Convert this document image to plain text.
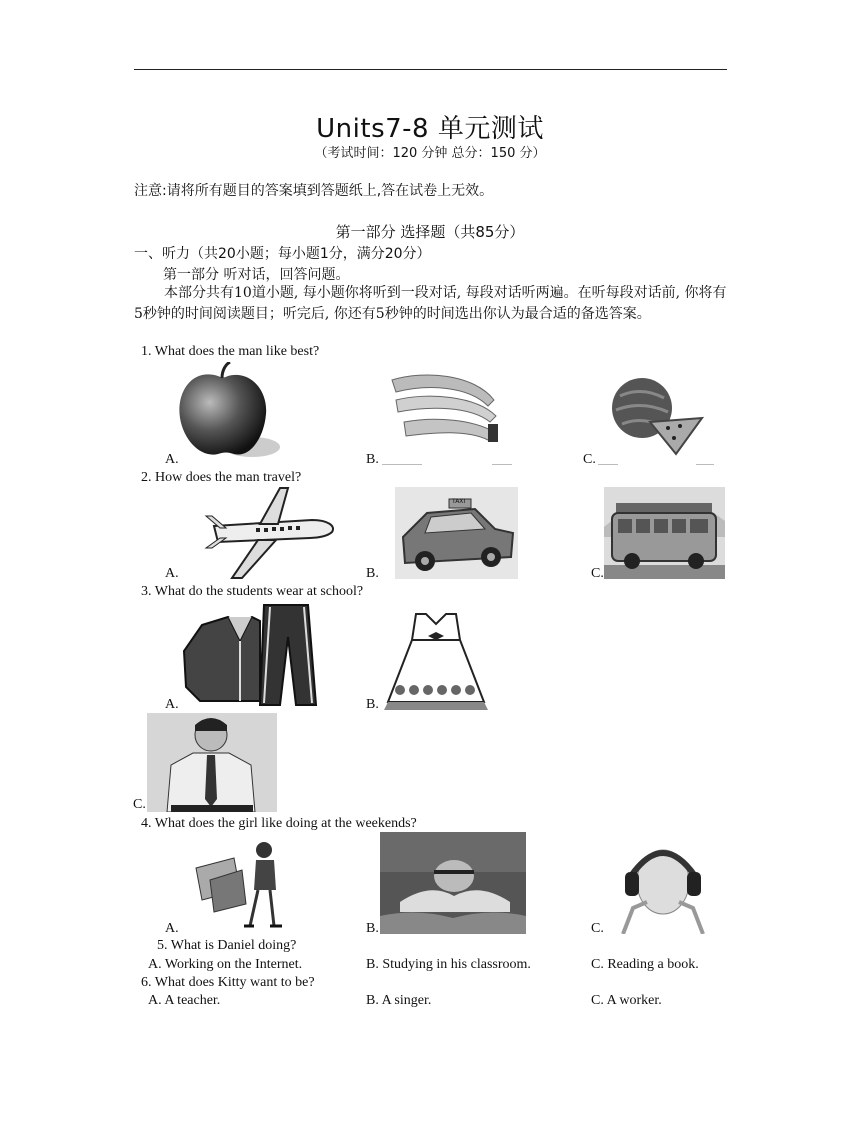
Units7-8 单元测试
（考试时间：120 分钟 总分：150 分）
注意:请将所有题目的答案填到答题纸上,答在试卷上无效。
第一部分 选择题（共85分）
一、听力（共20小题；每小题1分，满分20分）
第一部分 听对话，回答问题。
本部分共有10道小题, 每小题你将听到一段对话, 每段对话听两遍。在听每段对话前, 你将有5秒钟的时间阅读题目；听完后, 你还有5秒钟的时间选出你认为最合适的备选答案。
1. What does the man like best?
A.	B.	C.
2. How does the man travel?
A.
TAXI
B.	C.
3. What do the students wear at school?
A.	B.
C.
4. What does the girl like doing at the weekends?
A.	B.	C.
5. What is Daniel doing?
A. Working on the Internet.	B. Studying in his classroom.	C. Reading a book.
6. What does Kitty want to be?
A. A teacher.	B. A singer.	C. A worker.
